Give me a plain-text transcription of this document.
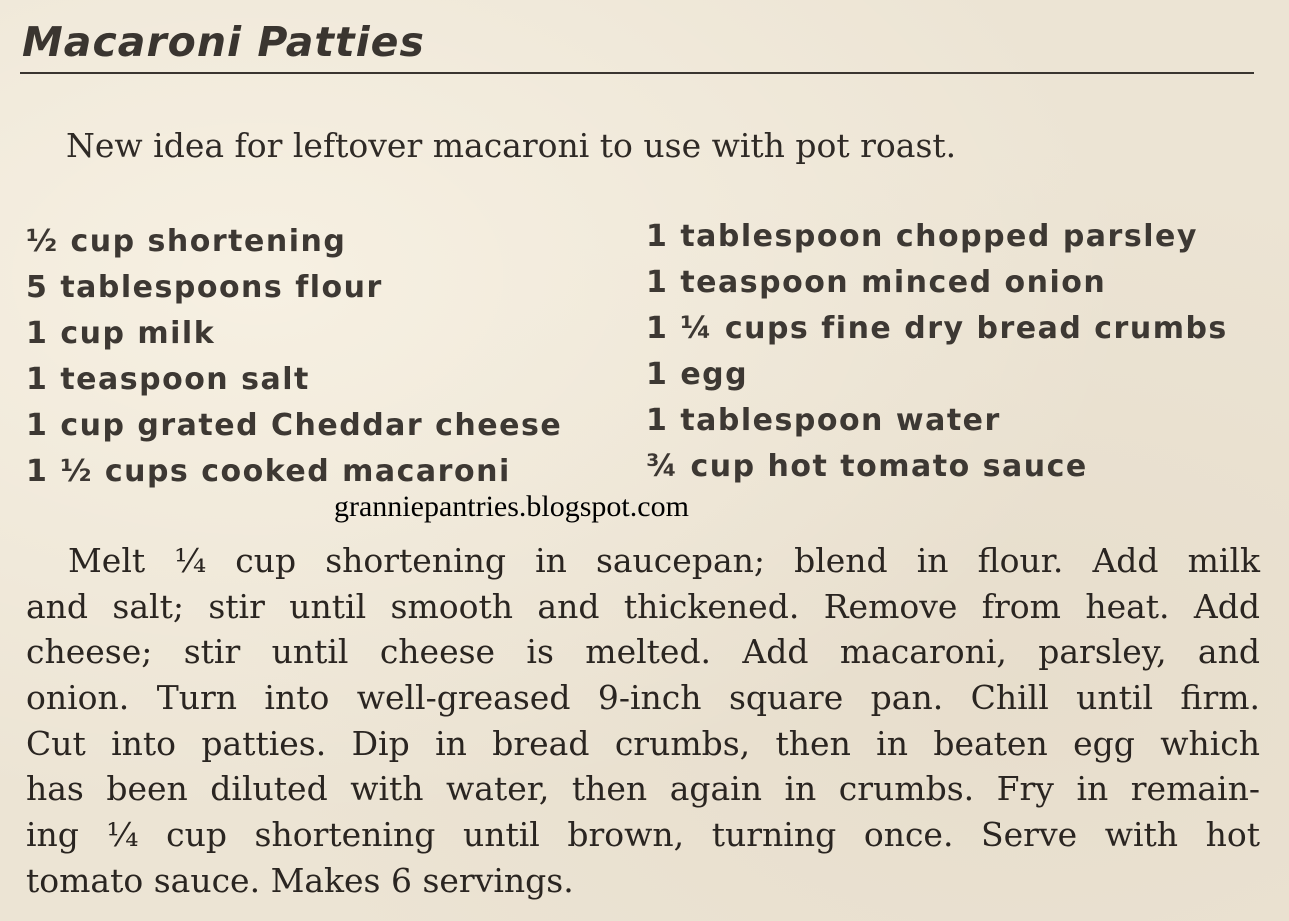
Macaroni Patties

New idea for leftover macaroni to use with pot roast.

½ cup shortening
5 tablespoons flour
1 cup milk
1 teaspoon salt
1 cup grated Cheddar cheese
1 ½ cups cooked macaroni
1 tablespoon chopped parsley
1 teaspoon minced onion
1 ¼ cups fine dry bread crumbs
1 egg
1 tablespoon water
¾ cup hot tomato sauce

granniepantries.blogspot.com

Melt ¼ cup shortening in saucepan; blend in flour. Add milk
and salt; stir until smooth and thickened. Remove from heat. Add
cheese; stir until cheese is melted. Add macaroni, parsley, and
onion. Turn into well-greased 9-inch square pan. Chill until firm.
Cut into patties. Dip in bread crumbs, then in beaten egg which
has been diluted with water, then again in crumbs. Fry in remain-
ing ¼ cup shortening until brown, turning once. Serve with hot
tomato sauce. Makes 6 servings.
